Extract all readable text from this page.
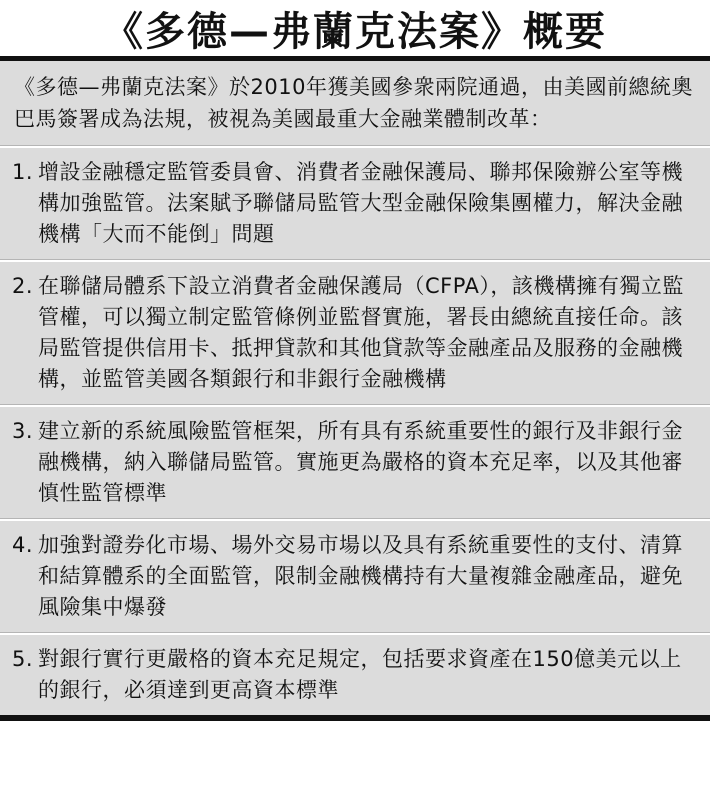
《多德—弗蘭克法案》概要
《多德—弗蘭克法案》於2010年獲美國參衆兩院通過，由美國前總統奧巴馬簽署成為法規，被視為美國最重大金融業體制改革：
1. 增設金融穩定監管委員會、消費者金融保護局、聯邦保險辦公室等機構加強監管。法案賦予聯儲局監管大型金融保險集團權力，解決金融機構「大而不能倒」問題
2. 在聯儲局體系下設立消費者金融保護局（CFPA），該機構擁有獨立監管權，可以獨立制定監管條例並監督實施，署長由總統直接任命。該局監管提供信用卡、抵押貸款和其他貸款等金融產品及服務的金融機構，並監管美國各類銀行和非銀行金融機構
3. 建立新的系統風險監管框架，所有具有系統重要性的銀行及非銀行金融機構，納入聯儲局監管。實施更為嚴格的資本充足率，以及其他審慎性監管標準
4. 加強對證券化市場、場外交易市場以及具有系統重要性的支付、清算和結算體系的全面監管，限制金融機構持有大量複雜金融產品，避免風險集中爆發
5. 對銀行實行更嚴格的資本充足規定，包括要求資產在150億美元以上的銀行，必須達到更高資本標準
